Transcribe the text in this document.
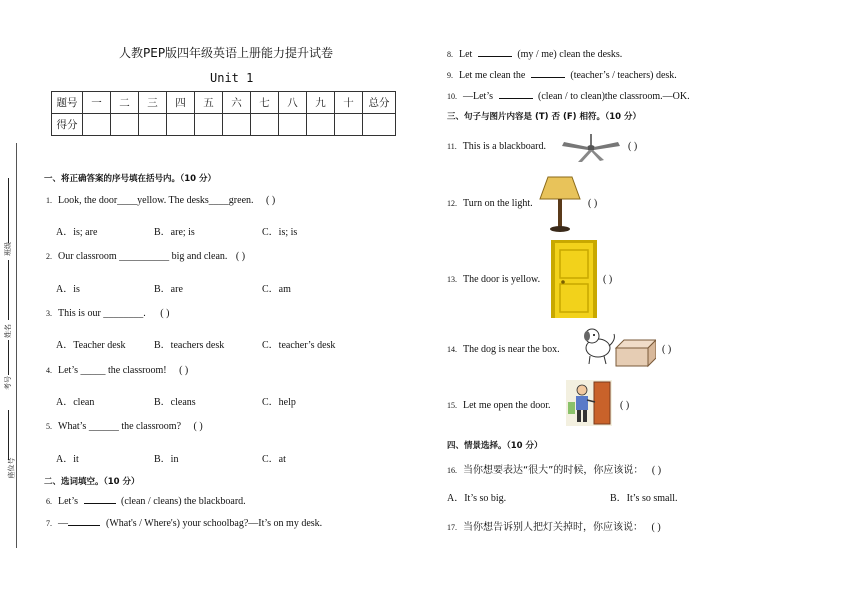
班级
姓名
考号
座位号
人教PEP版四年级英语上册能力提升试卷
Unit 1
题号	一	二	三	四	五	六	七	八	九	十	总分
得分											
一、将正确答案的序号填在括号内。（10 分）
1. Look, the door____yellow. The desks____green. ( )
A．is; are	B．are; is	C．is; is
2. Our classroom __________ big and clean. ( )
A．is	B．are	C．am
3. This is our ________. ( )
A．Teacher desk	B．teachers desk	C．teacher’s desk
4. Let’s _____ the classroom! ( )
A．clean	B．cleans	C．help
5. What’s ______ the classroom? ( )
A．it	B．in	C．at
二、选词填空。（10 分）
6. Let’s	(clean / cleans) the blackboard.
7. —	(What's / Where's) your schoolbag?—It’s on my desk.
8. Let	(my / me) clean the desks.
9. Let me clean the	(teacher’s / teachers) desk.
10. —Let’s	(clean / to clean)the classroom.—OK.
三、句子与图片内容是 (T) 否 (F) 相符。（10 分）
11. This is a blackboard.	( )
12. Turn on the light.	( )
13. The door is yellow.	( )
14. The dog is near the box.	( )
15. Let me open the door.	( )
四、情景选择。（10 分）
16. 当你想要表达“很大”的时候，你应该说： ( )
A．It’s so big.	B．It’s so small.
17. 当你想告诉别人把灯关掉时，你应该说： ( )
